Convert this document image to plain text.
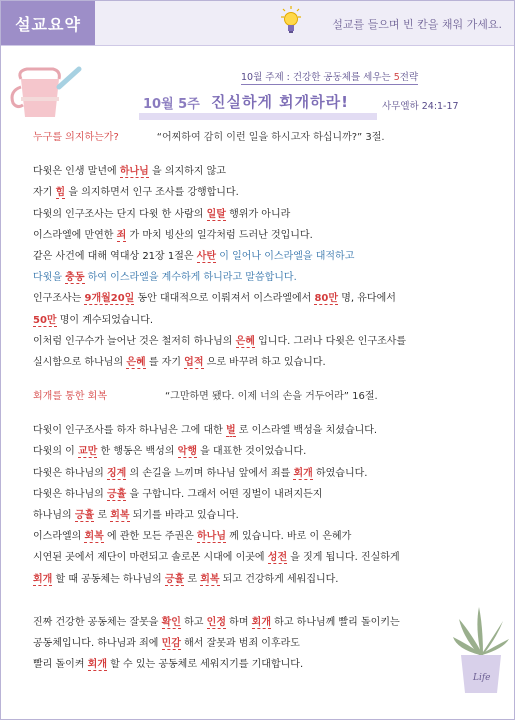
설교요약	설교를 들으며 빈 칸을 채워 가세요.
10월 주제 : 건강한 공동체를 세우는 5전략
10월 5주 진실하게 회개하라!	사무엘하 24:1-17
누구를 의지하는가?	“어찌하여 감히 이런 일을 하시고자 하십니까?” 3절.
다윗은 인생 말년에 하나님 을 의지하지 않고
자기 힘 을 의지하면서 인구 조사를 강행합니다.
다윗의 인구조사는 단지 다윗 한 사람의 일탈 행위가 아니라
이스라엘에 만연한 죄 가 마치 빙산의 일각처럼 드러난 것입니다.
같은 사건에 대해 역대상 21장 1절은 사탄 이 일어나 이스라엘을 대적하고
다윗을 충동 하여 이스라엘을 계수하게 하니라고 말씀합니다.
인구조사는 9개월20일 동안 대대적으로 이뤄져서 이스라엘에서 80만 명, 유다에서
50만 명이 계수되었습니다.
이처럼 인구수가 늘어난 것은 철저히 하나님의 은혜 입니다. 그러나 다윗은 인구조사를
실시함으로 하나님의 은혜 를 자기 업적 으로 바꾸려 하고 있습니다.
회개를 통한 회복	“그만하면 됐다. 이제 너의 손을 거두어라” 16절.
다윗이 인구조사를 하자 하나님은 그에 대한 벌 로 이스라엘 백성을 치셨습니다.
다윗의 이 교만 한 행동은 백성의 악행 을 대표한 것이었습니다.
다윗은 하나님의 징계 의 손길을 느끼며 하나님 앞에서 죄를 회개 하였습니다.
다윗은 하나님의 긍휼 을 구합니다. 그래서 어떤 징벌이 내려지든지
하나님의 긍휼 로 회복 되기를 바라고 있습니다.
이스라엘의 회복 에 관한 모든 주권은 하나님 께 있습니다. 바로 이 은혜가
시연된 곳에서 제단이 마련되고 솔로몬 시대에 이곳에 성전 을 짓게 됩니다. 진실하게
회개 할 때 공동체는 하나님의 긍휼 로 회복 되고 건강하게 세워집니다.
진짜 건강한 공동체는 잘못을 확인 하고 인정 하며 회개 하고 하나님께 빨리 돌이키는
공동체입니다. 하나님과 죄에 민감 해서 잘못과 범죄 이후라도
빨리 돌이켜 회개 할 수 있는 공동체로 세워지기를 기대합니다.
Life
